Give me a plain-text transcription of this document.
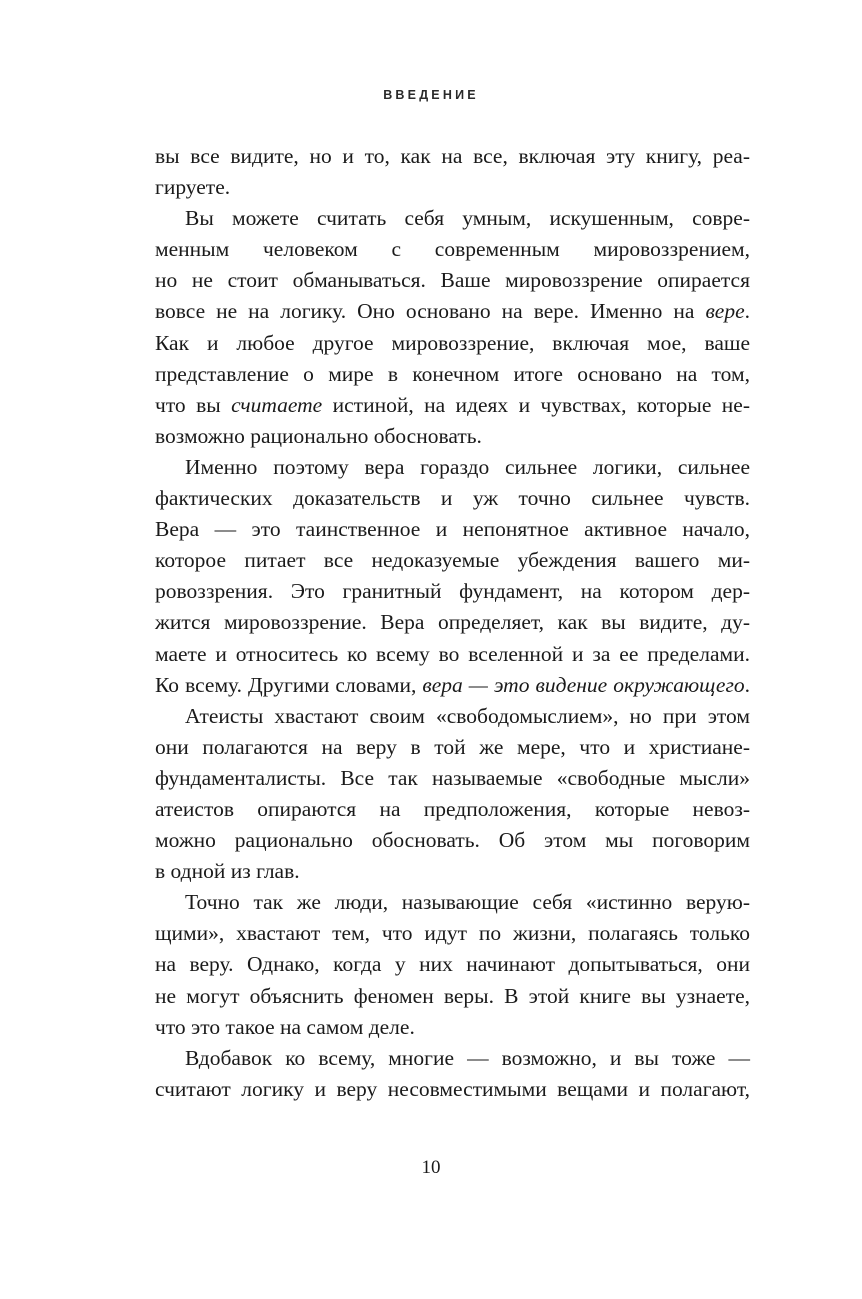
ВВЕДЕНИЕ
вы все видите, но и то, как на все, включая эту книгу, реа-
гируете.
Вы можете считать себя умным, искушенным, совре-
менным человеком с современным мировоззрением,
но не стоит обманываться. Ваше мировоззрение опирается
вовсе не на логику. Оно основано на вере. Именно на вере.
Как и любое другое мировоззрение, включая мое, ваше
представление о мире в конечном итоге основано на том,
что вы считаете истиной, на идеях и чувствах, которые не-
возможно рационально обосновать.
Именно поэтому вера гораздо сильнее логики, сильнее
фактических доказательств и уж точно сильнее чувств.
Вера — это таинственное и непонятное активное начало,
которое питает все недоказуемые убеждения вашего ми-
ровоззрения. Это гранитный фундамент, на котором дер-
жится мировоззрение. Вера определяет, как вы видите, ду-
маете и относитесь ко всему во вселенной и за ее пределами.
Ко всему. Другими словами, вера — это видение окружающего.
Атеисты хвастают своим «свободомыслием», но при этом
они полагаются на веру в той же мере, что и христиане-
фундаменталисты. Все так называемые «свободные мысли»
атеистов опираются на предположения, которые невоз-
можно рационально обосновать. Об этом мы поговорим
в одной из глав.
Точно так же люди, называющие себя «истинно верую-
щими», хвастают тем, что идут по жизни, полагаясь только
на веру. Однако, когда у них начинают допытываться, они
не могут объяснить феномен веры. В этой книге вы узнаете,
что это такое на самом деле.
Вдобавок ко всему, многие — возможно, и вы тоже —
считают логику и веру несовместимыми вещами и полагают,
10
